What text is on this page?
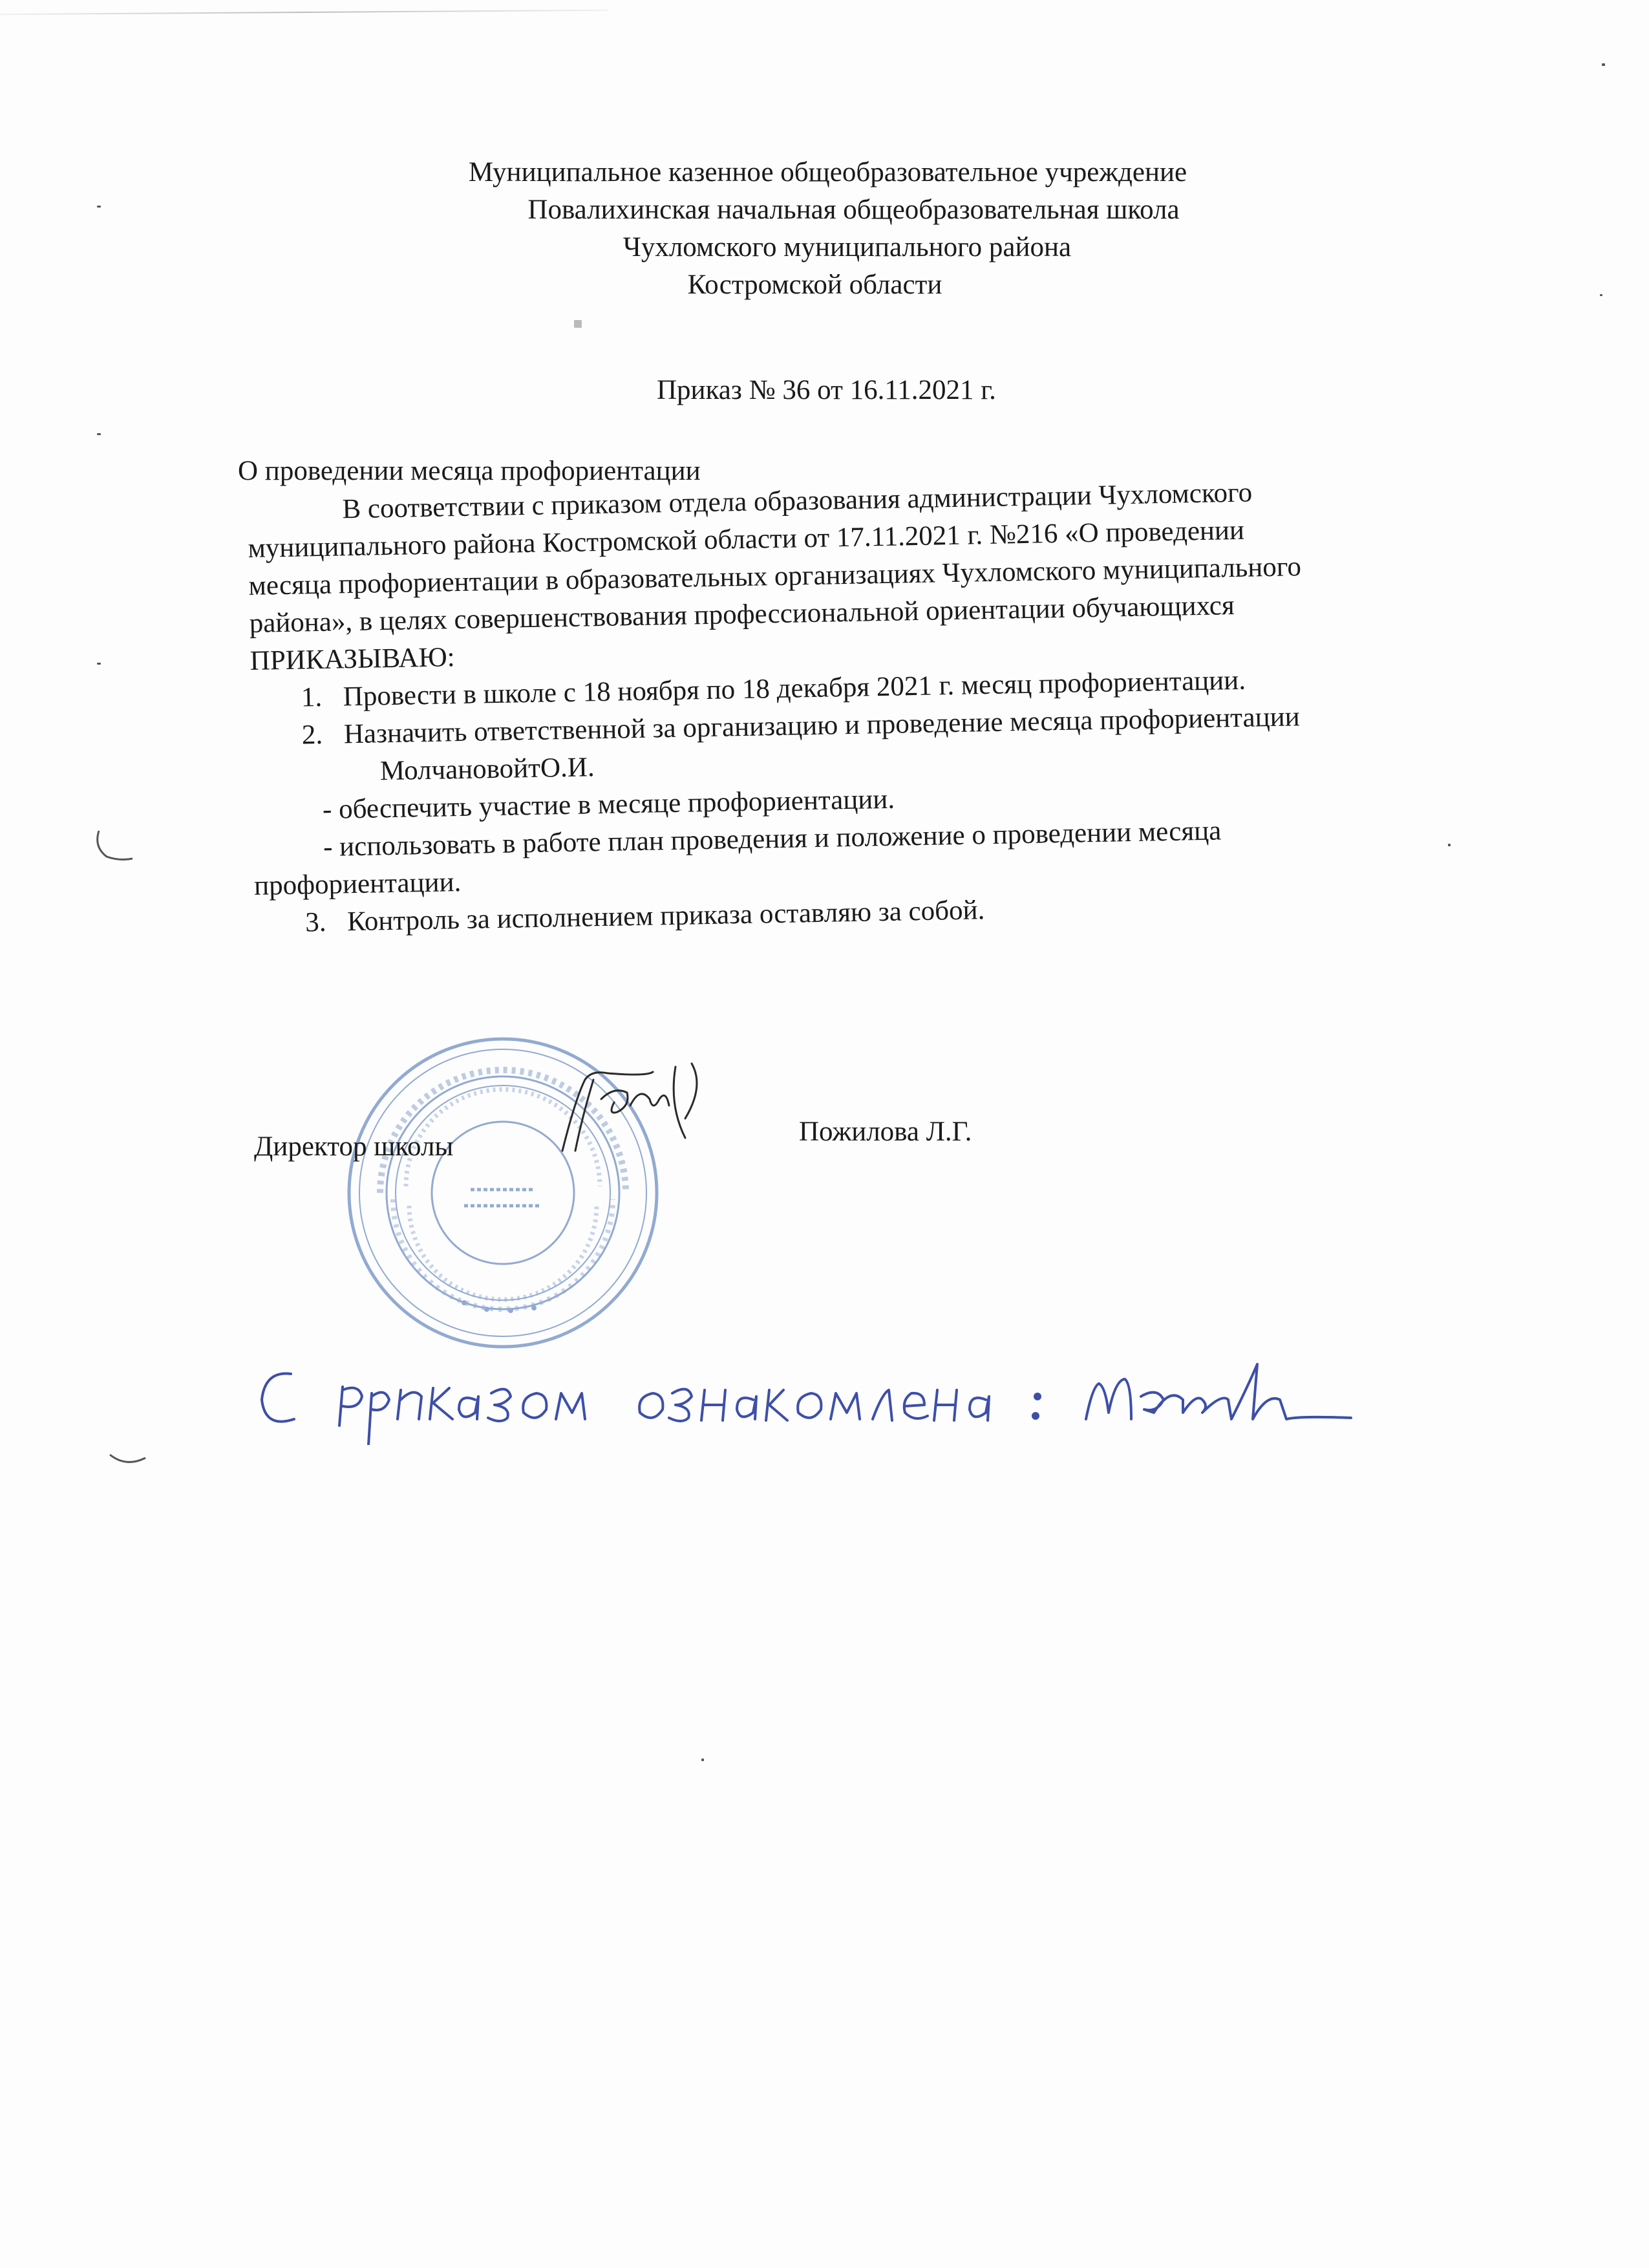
Муниципальное казенное общеобразовательное учреждение
Повалихинская начальная общеобразовательная школа
Чухломского муниципального района
Костромской области
Приказ № 36 от 16.11.2021 г.
О проведении месяца профориентации
В соответствии с приказом отдела образования администрации Чухломского
муниципального района Костромской области от 17.11.2021 г. №216 «О проведении
месяца профориентации в образовательных организациях Чухломского муниципального
района», в целях совершенствования профессиональной ориентации обучающихся
ПРИКАЗЫВАЮ:
1. Провести в школе с 18 ноября по 18 декабря 2021 г. месяц профориентации.
2. Назначить ответственной за организацию и проведение месяца профориентации
МолчановойтО.И.
- обеспечить участие в месяце профориентации.
- использовать в работе план проведения и положение о проведении месяца
профориентации.
3. Контроль за исполнением приказа оставляю за собой.
Директор школы	Пожилова Л.Г.
